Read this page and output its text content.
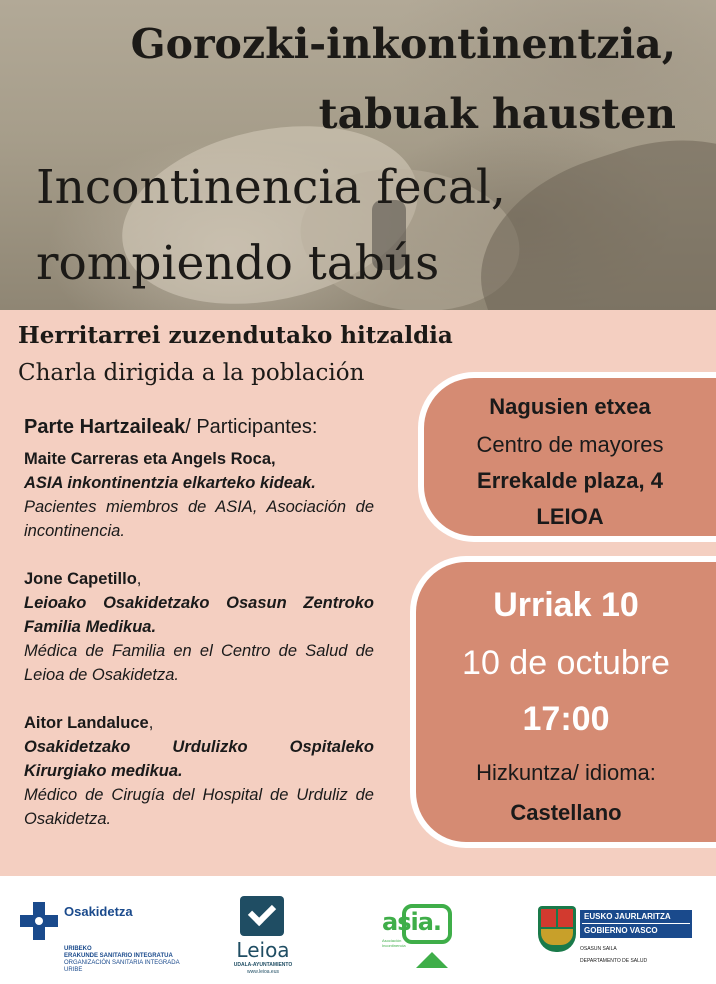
Gorozki-inkontinentzia,
tabuak hausten
Incontinencia fecal,
rompiendo tabús
Herritarrei zuzendutako hitzaldia
Charla dirigida a la población
Parte Hartzaileak/ Participantes:
Maite Carreras eta Angels Roca,
ASIA inkontinentzia elkarteko kideak.
Pacientes miembros de ASIA, Asociación de incontinencia.
Jone Capetillo,
Leioako Osakidetzako Osasun Zentroko Familia Medikua.
Médica de Familia en el Centro de Salud de Leioa de Osakidetza.
Aitor Landaluce,
Osakidetzako Urdulizko Ospitaleko Kirurgiako medikua.
Médico de Cirugía del Hospital de Urduliz de Osakidetza.
Nagusien etxea
Centro de mayores
Errekalde plaza, 4
LEIOA
Urriak 10
10 de octubre
17:00
Hizkuntza/ idioma:
Castellano
Osakidetza
URIBEKO
ERAKUNDE SANITARIO INTEGRATUA
ORGANIZACIÓN SANITARIA INTEGRADA
URIBE
Leioa
UDALA-AYUNTAMIENTO
www.leioa.eus
asia.
Asociación
Incontinencia
EUSKO JAURLARITZA
GOBIERNO VASCO
OSASUN SAILA
DEPARTAMENTO DE SALUD
